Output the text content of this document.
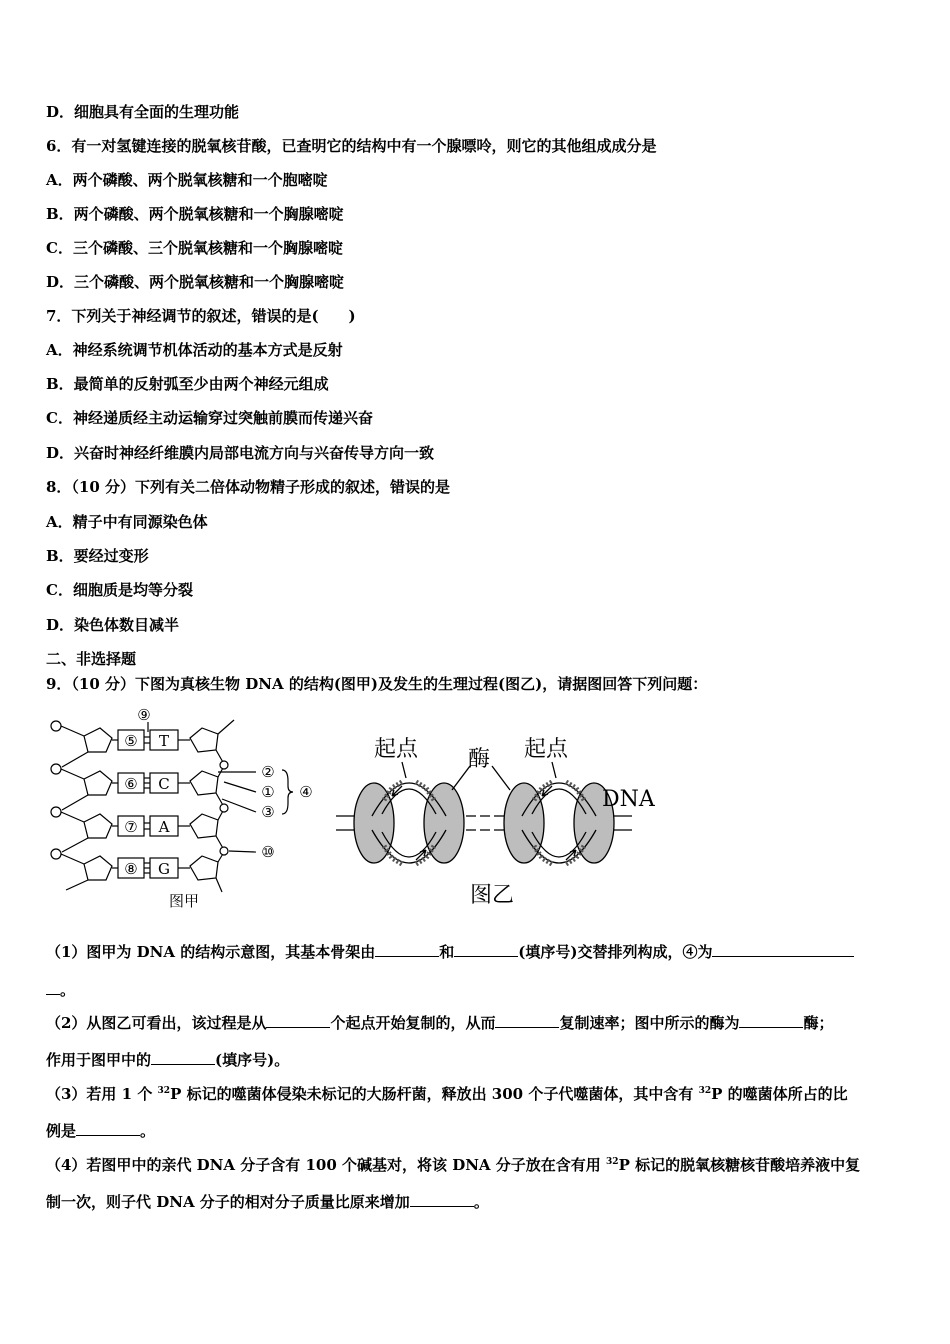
D．细胞具有全面的生理功能
6．有一对氢键连接的脱氧核苷酸，已查明它的结构中有一个腺嘌呤，则它的其他组成成分是
A．两个磷酸、两个脱氧核糖和一个胞嘧啶
B．两个磷酸、两个脱氧核糖和一个胸腺嘧啶
C．三个磷酸、三个脱氧核糖和一个胸腺嘧啶
D．三个磷酸、两个脱氧核糖和一个胸腺嘧啶
7．下列关于神经调节的叙述，错误的是(　　)
A．神经系统调节机体活动的基本方式是反射
B．最简单的反射弧至少由两个神经元组成
C．神经递质经主动运输穿过突触前膜而传递兴奋
D．兴奋时神经纤维膜内局部电流方向与兴奋传导方向一致
8．（10 分）下列有关二倍体动物精子形成的叙述，错误的是
A．精子中有同源染色体
B．要经过变形
C．细胞质是均等分裂
D．染色体数目减半
二、非选择题
9．（10 分）下图为真核生物 DNA 的结构(图甲)及发生的生理过程(图乙)，请据图回答下列问题：
⑤
⑥
⑦
⑧
T
C
A
G
⑨
②
①
③
④
⑩
图甲
起点 酶 起点
DNA
图乙
（1）图甲为 DNA 的结构示意图，其基本骨架由	和	(填序号)交替排列构成，④为
。
（2）从图乙可看出，该过程是从	个起点开始复制的，从而	复制速率；图中所示的酶为	酶；
作用于图甲中的	(填序号)。
（3）若用 1 个 $^{32}$P 标记的噬菌体侵染未标记的大肠杆菌，释放出 300 个子代噬菌体，其中含有 $^{32}$P 的噬菌体所占的比
例是	。
（4）若图甲中的亲代 DNA 分子含有 100 个碱基对，将该 DNA 分子放在含有用 $^{32}$P 标记的脱氧核糖核苷酸培养液中复
制一次，则子代 DNA 分子的相对分子质量比原来增加	。
